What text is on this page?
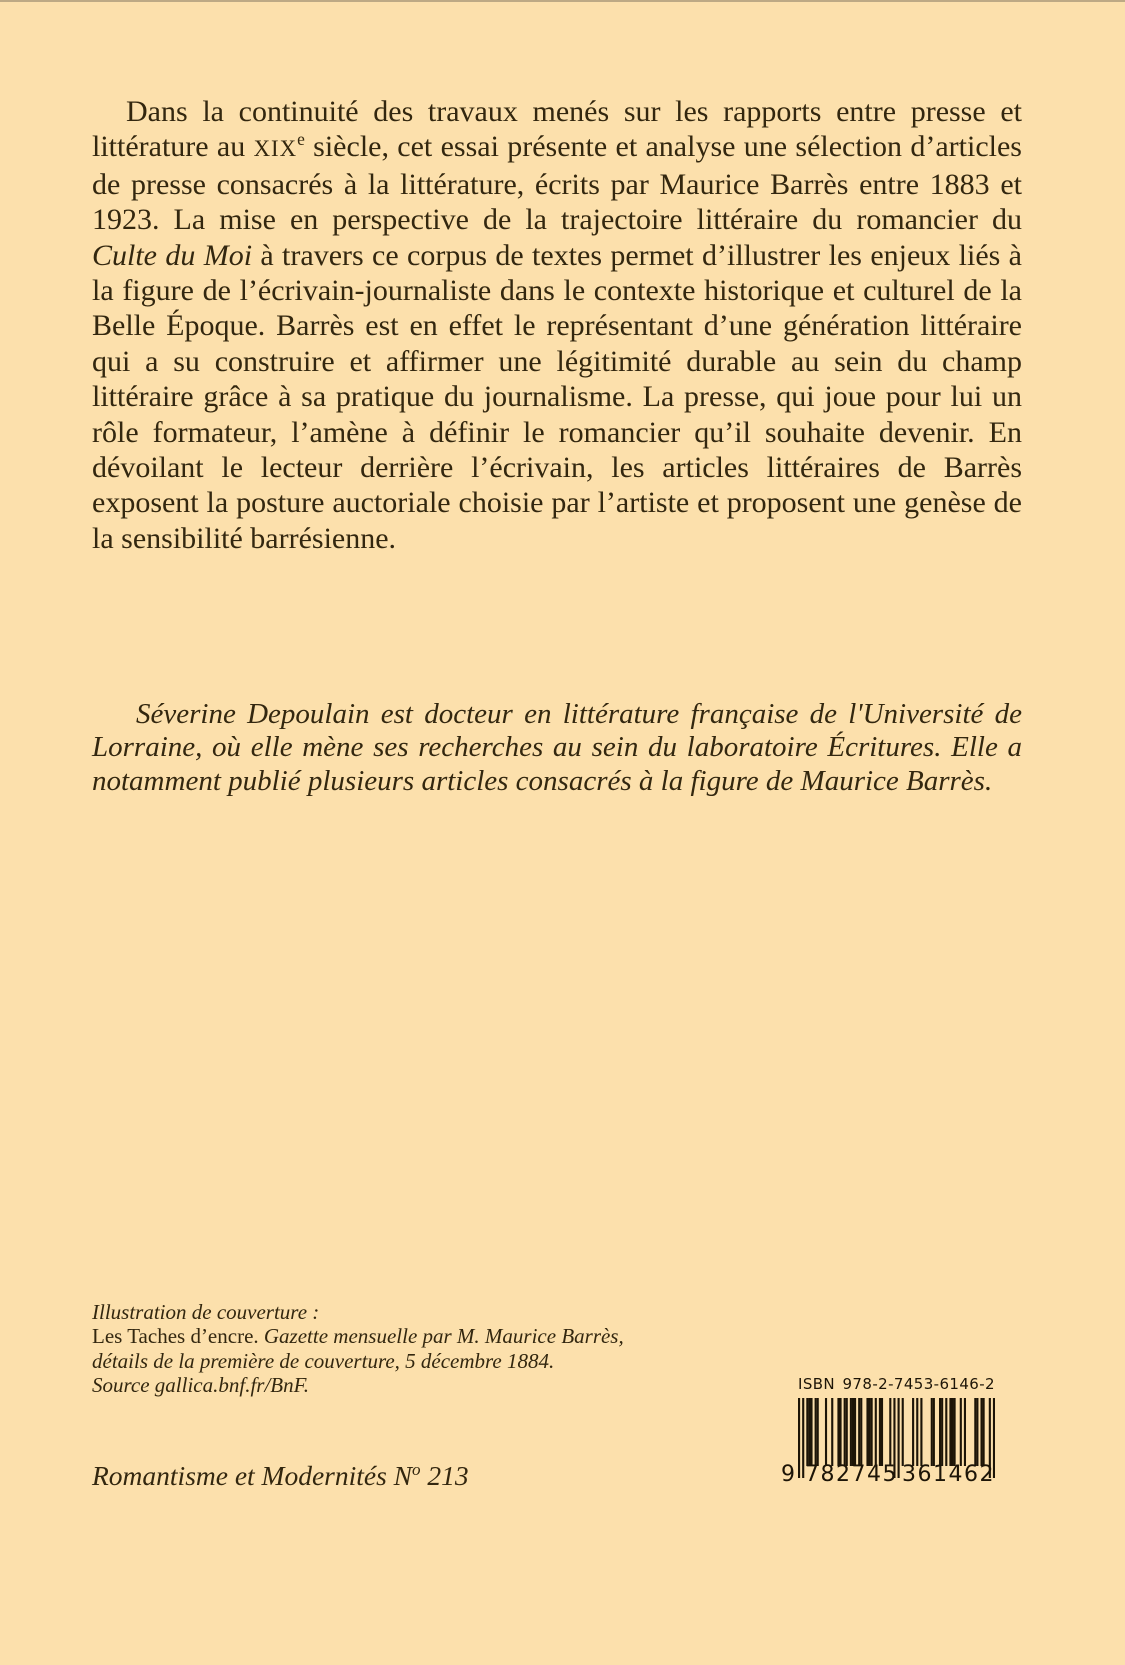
Dans la continuité des travaux menés sur les rapports entre presse et littérature au XIXe siècle, cet essai présente et analyse une sélection d’articles de presse consacrés à la littérature, écrits par Maurice Barrès entre 1883 et 1923. La mise en perspective de la trajectoire littéraire du romancier du Culte du Moi à travers ce corpus de textes permet d’illustrer les enjeux liés à la figure de l’écrivain-journaliste dans le contexte historique et culturel de la Belle Époque. Barrès est en effet le représentant d’une génération littéraire qui a su construire et affirmer une légitimité durable au sein du champ littéraire grâce à sa pratique du journalisme. La presse, qui joue pour lui un rôle formateur, l’amène à définir le romancier qu’il souhaite devenir. En dévoilant le lecteur derrière l’écrivain, les articles littéraires de Barrès exposent la posture auctoriale choisie par l’artiste et proposent une genèse de la sensibilité barrésienne.

Séverine Depoulain est docteur en littérature française de l'Université de Lorraine, où elle mène ses recherches au sein du laboratoire Écritures. Elle a notamment publié plusieurs articles consacrés à la figure de Maurice Barrès.

Illustration de couverture :
Les Taches d’encre. Gazette mensuelle par M. Maurice Barrès,
détails de la première de couverture, 5 décembre 1884.
Source gallica.bnf.fr/BnF.
Romantisme et Modernités $N^o$ 213
ISBN 978-2-7453-6146-2
9 782745 361462
